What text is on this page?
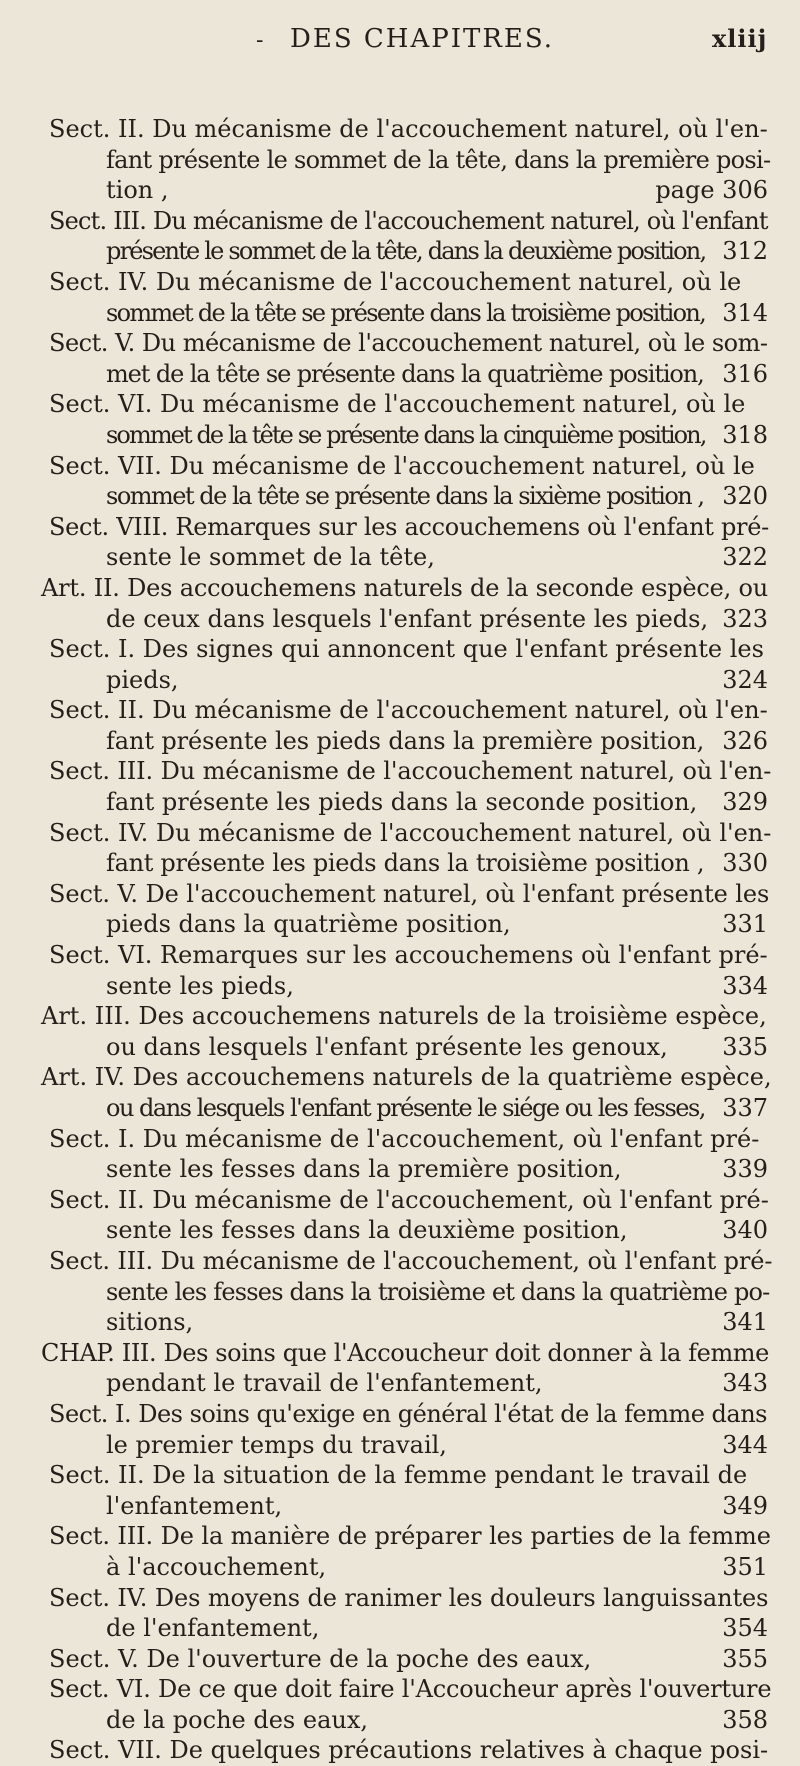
- DES CHAPITRES.	xliij
Sect. II. Du mécanisme de l'accouchement naturel, où l'en-
fant présente le sommet de la tête, dans la première posi-
tion ,	page 306
Sect. III. Du mécanisme de l'accouchement naturel, où l'enfant
présente le sommet de la tête, dans la deuxième position, 312
Sect. IV. Du mécanisme de l'accouchement naturel, où le
sommet de la tête se présente dans la troisième position, 314
Sect. V. Du mécanisme de l'accouchement naturel, où le som-
met de la tête se présente dans la quatrième position, 316
Sect. VI. Du mécanisme de l'accouchement naturel, où le
sommet de la tête se présente dans la cinquième position, 318
Sect. VII. Du mécanisme de l'accouchement naturel, où le
sommet de la tête se présente dans la sixième position , 320
Sect. VIII. Remarques sur les accouchemens où l'enfant pré-
sente le sommet de la tête,	322
Art. II. Des accouchemens naturels de la seconde espèce, ou
de ceux dans lesquels l'enfant présente les pieds, 323
Sect. I. Des signes qui annoncent que l'enfant présente les
pieds,	324
Sect. II. Du mécanisme de l'accouchement naturel, où l'en-
fant présente les pieds dans la première position, 326
Sect. III. Du mécanisme de l'accouchement naturel, où l'en-
fant présente les pieds dans la seconde position, 329
Sect. IV. Du mécanisme de l'accouchement naturel, où l'en-
fant présente les pieds dans la troisième position , 330
Sect. V. De l'accouchement naturel, où l'enfant présente les
pieds dans la quatrième position,	331
Sect. VI. Remarques sur les accouchemens où l'enfant pré-
sente les pieds,	334
Art. III. Des accouchemens naturels de la troisième espèce,
ou dans lesquels l'enfant présente les genoux, 335
Art. IV. Des accouchemens naturels de la quatrième espèce,
ou dans lesquels l'enfant présente le siége ou les fesses, 337
Sect. I. Du mécanisme de l'accouchement, où l'enfant pré-
sente les fesses dans la première position,	339
Sect. II. Du mécanisme de l'accouchement, où l'enfant pré-
sente les fesses dans la deuxième position,	340
Sect. III. Du mécanisme de l'accouchement, où l'enfant pré-
sente les fesses dans la troisième et dans la quatrième po-
sitions,	341
CHAP. III. Des soins que l'Accoucheur doit donner à la femme
pendant le travail de l'enfantement,	343
Sect. I. Des soins qu'exige en général l'état de la femme dans
le premier temps du travail,	344
Sect. II. De la situation de la femme pendant le travail de
l'enfantement,	349
Sect. III. De la manière de préparer les parties de la femme
à l'accouchement,	351
Sect. IV. Des moyens de ranimer les douleurs languissantes
de l'enfantement,	354
Sect. V. De l'ouverture de la poche des eaux,	355
Sect. VI. De ce que doit faire l'Accoucheur après l'ouverture
de la poche des eaux,	358
Sect. VII. De quelques précautions relatives à chaque posi-
